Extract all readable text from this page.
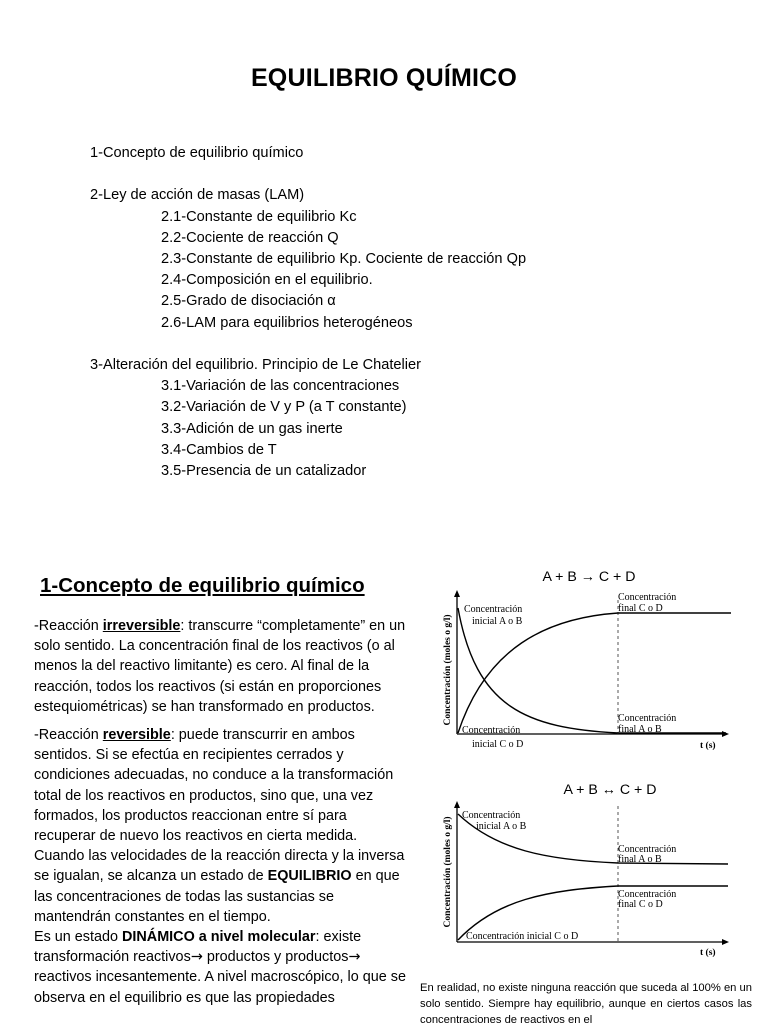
EQUILIBRIO QUÍMICO
1-Concepto de equilibrio químico
2-Ley de acción de masas (LAM)
2.1-Constante de equilibrio Kc
2.2-Cociente de reacción Q
2.3-Constante de equilibrio Kp. Cociente de reacción Qp
2.4-Composición en el equilibrio.
2.5-Grado de disociación α
2.6-LAM para equilibrios heterogéneos
3-Alteración del equilibrio. Principio de Le Chatelier
3.1-Variación de las concentraciones
3.2-Variación de V y P (a T constante)
3.3-Adición de un gas inerte
3.4-Cambios de T
3.5-Presencia de un catalizador
1-Concepto de equilibrio químico

-Reacción irreversible: transcurre “completamente” en un solo sentido. La concentración final de los reactivos (o al menos la del reactivo limitante) es cero. Al final de la reacción, todos los reactivos (si están en proporciones estequiométricas) se han transformado en productos.

-Reacción reversible: puede transcurrir en ambos sentidos. Si se efectúa en recipientes cerrados y condiciones adecuadas, no conduce a la transformación total de los reactivos en productos, sino que, una vez formados, los productos reaccionan entre sí para recuperar de nuevo los reactivos en cierta medida. Cuando las velocidades de la reacción directa y la inversa se igualan, se alcanza un estado de EQUILIBRIO en que las concentraciones de todas las sustancias se mantendrán constantes en el tiempo.
Es un estado DINÁMICO a nivel molecular: existe transformación reactivos→ productos y productos→ reactivos incesantemente. A nivel macroscópico, lo que se observa en el equilibrio es que las propiedades

A + B → C + D
Concentración (moles o g/l)
t (s)
Concentración
inicial A o B
Concentración
final C o D
Concentración
inicial C o D
Concentración
final A o B
A + B ↔ C + D
Concentración (moles o g/l)
t (s)
Concentración
inicial A o B
Concentración
final A o B
Concentración
final C o D
Concentración inicial C o D
En realidad, no existe ninguna reacción que suceda al 100% en un solo sentido. Siempre hay equilibrio, aunque en ciertos casos las concentraciones de reactivos en el
